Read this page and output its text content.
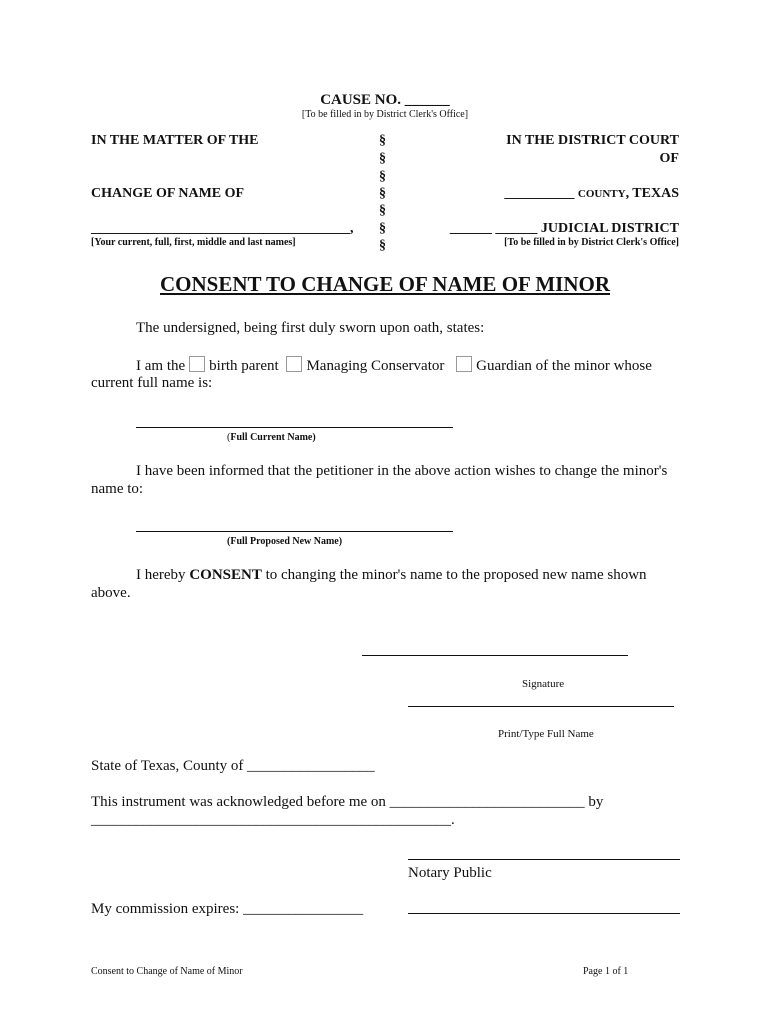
CAUSE NO. ______
[To be filled in by District Clerk's Office]
IN THE MATTER OF THE
CHANGE OF NAME OF
_____________________________________,
[Your current, full, first, middle and last names]
§
§
§
§
§
§
§
IN THE DISTRICT COURT
OF
__________ COUNTY, TEXAS
______ ______ JUDICIAL DISTRICT
[To be filled in by District Clerk's Office]
CONSENT TO CHANGE OF NAME OF MINOR
The undersigned, being first duly sworn upon oath, states:
I am the birth parent Managing Conservator Guardian of the minor whose
current full name is:
(Full Current Name)
I have been informed that the petitioner in the above action wishes to change the minor's
name to:
(Full Proposed New Name)
I hereby CONSENT to changing the minor's name to the proposed new name shown
above.
Signature
Print/Type Full Name
State of Texas, County of _________________
This instrument was acknowledged before me on __________________________ by
________________________________________________.
Notary Public
My commission expires: ________________
Consent to Change of Name of Minor	Page 1 of 1
